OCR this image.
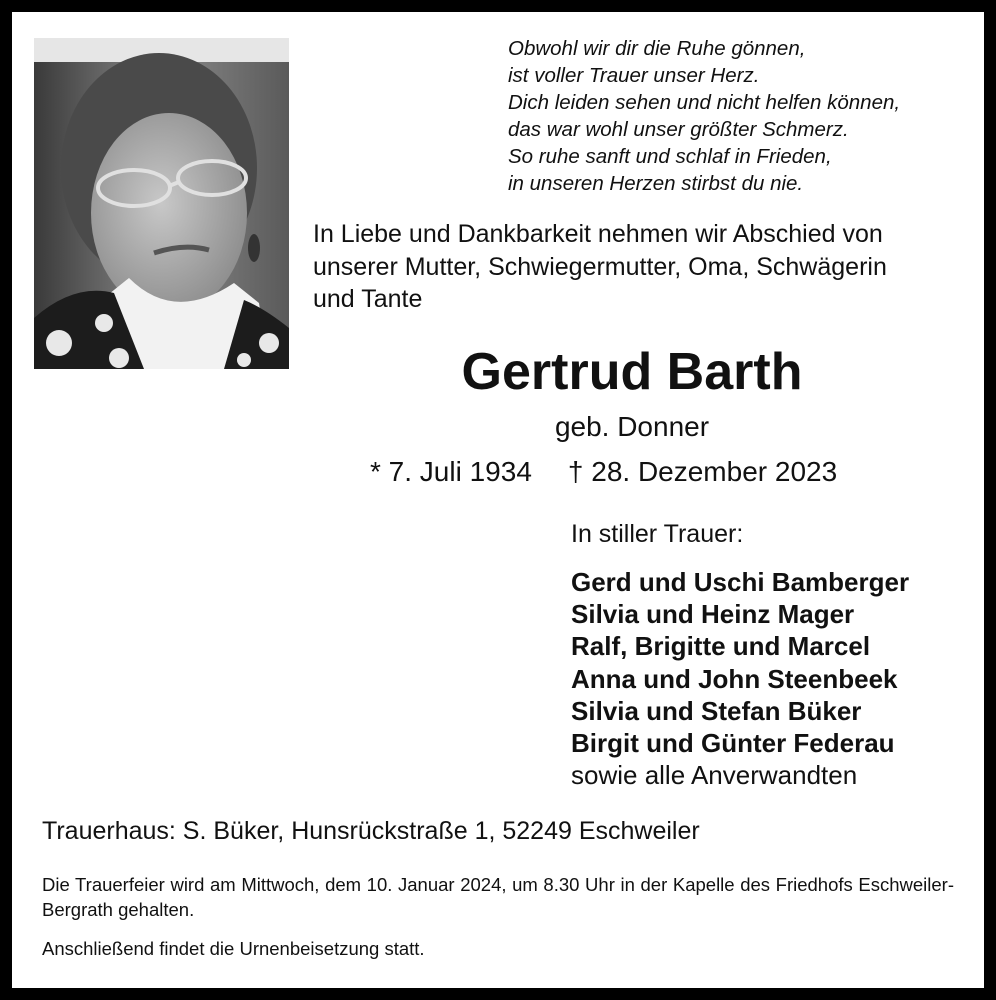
Obwohl wir dir die Ruhe gönnen,
ist voller Trauer unser Herz.
Dich leiden sehen und nicht helfen können,
das war wohl unser größter Schmerz.
So ruhe sanft und schlaf in Frieden,
in unseren Herzen stirbst du nie.
In Liebe und Dankbarkeit nehmen wir Abschied von
unserer Mutter, Schwiegermutter, Oma, Schwägerin
und Tante
Gertrud Barth
geb. Donner
* 7. Juli 1934 † 28. Dezember 2023
In stiller Trauer:
Gerd und Uschi Bamberger
Silvia und Heinz Mager
Ralf, Brigitte und Marcel
Anna und John Steenbeek
Silvia und Stefan Büker
Birgit und Günter Federau
sowie alle Anverwandten
Trauerhaus: S. Büker, Hunsrückstraße 1, 52249 Eschweiler
Die Trauerfeier wird am Mittwoch, dem 10. Januar 2024, um 8.30 Uhr in der Kapelle des Friedhofs Eschweiler-Bergrath gehalten.
Anschließend findet die Urnenbeisetzung statt.
